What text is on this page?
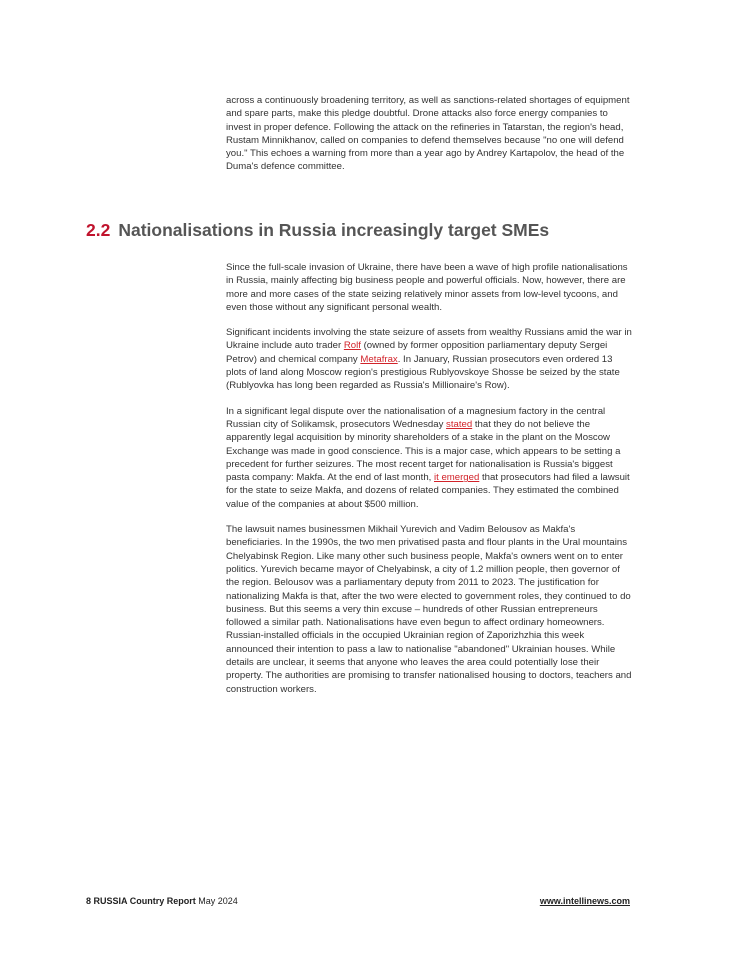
across a continuously broadening territory, as well as sanctions-related shortages of equipment and spare parts, make this pledge doubtful. Drone attacks also force energy companies to invest in proper defence. Following the attack on the refineries in Tatarstan, the region's head, Rustam Minnikhanov, called on companies to defend themselves because "no one will defend you." This echoes a warning from more than a year ago by Andrey Kartapolov, the head of the Duma's defence committee.

2.2 Nationalisations in Russia increasingly target SMEs

Since the full-scale invasion of Ukraine, there have been a wave of high profile nationalisations in Russia, mainly affecting big business people and powerful officials. Now, however, there are more and more cases of the state seizing relatively minor assets from low-level tycoons, and even those without any significant personal wealth.

Significant incidents involving the state seizure of assets from wealthy Russians amid the war in Ukraine include auto trader Rolf (owned by former opposition parliamentary deputy Sergei Petrov) and chemical company Metafrax. In January, Russian prosecutors even ordered 13 plots of land along Moscow region's prestigious Rublyovskoye Shosse be seized by the state (Rublyovka has long been regarded as Russia's Millionaire's Row).

In a significant legal dispute over the nationalisation of a magnesium factory in the central Russian city of Solikamsk, prosecutors Wednesday stated that they do not believe the apparently legal acquisition by minority shareholders of a stake in the plant on the Moscow Exchange was made in good conscience. This is a major case, which appears to be setting a precedent for further seizures. The most recent target for nationalisation is Russia's biggest pasta company: Makfa. At the end of last month, it emerged that prosecutors had filed a lawsuit for the state to seize Makfa, and dozens of related companies. They estimated the combined value of the companies at about $500 million.

The lawsuit names businessmen Mikhail Yurevich and Vadim Belousov as Makfa's beneficiaries. In the 1990s, the two men privatised pasta and flour plants in the Ural mountains Chelyabinsk Region. Like many other such business people, Makfa's owners went on to enter politics. Yurevich became mayor of Chelyabinsk, a city of 1.2 million people, then governor of the region. Belousov was a parliamentary deputy from 2011 to 2023. The justification for nationalizing Makfa is that, after the two were elected to government roles, they continued to do business. But this seems a very thin excuse – hundreds of other Russian entrepreneurs followed a similar path. Nationalisations have even begun to affect ordinary homeowners. Russian-installed officials in the occupied Ukrainian region of Zaporizhzhia this week announced their intention to pass a law to nationalise "abandoned" Ukrainian houses. While details are unclear, it seems that anyone who leaves the area could potentially lose their property. The authorities are promising to transfer nationalised housing to doctors, teachers and construction workers.

8 RUSSIA Country Report May 2024	www.intellinews.com
